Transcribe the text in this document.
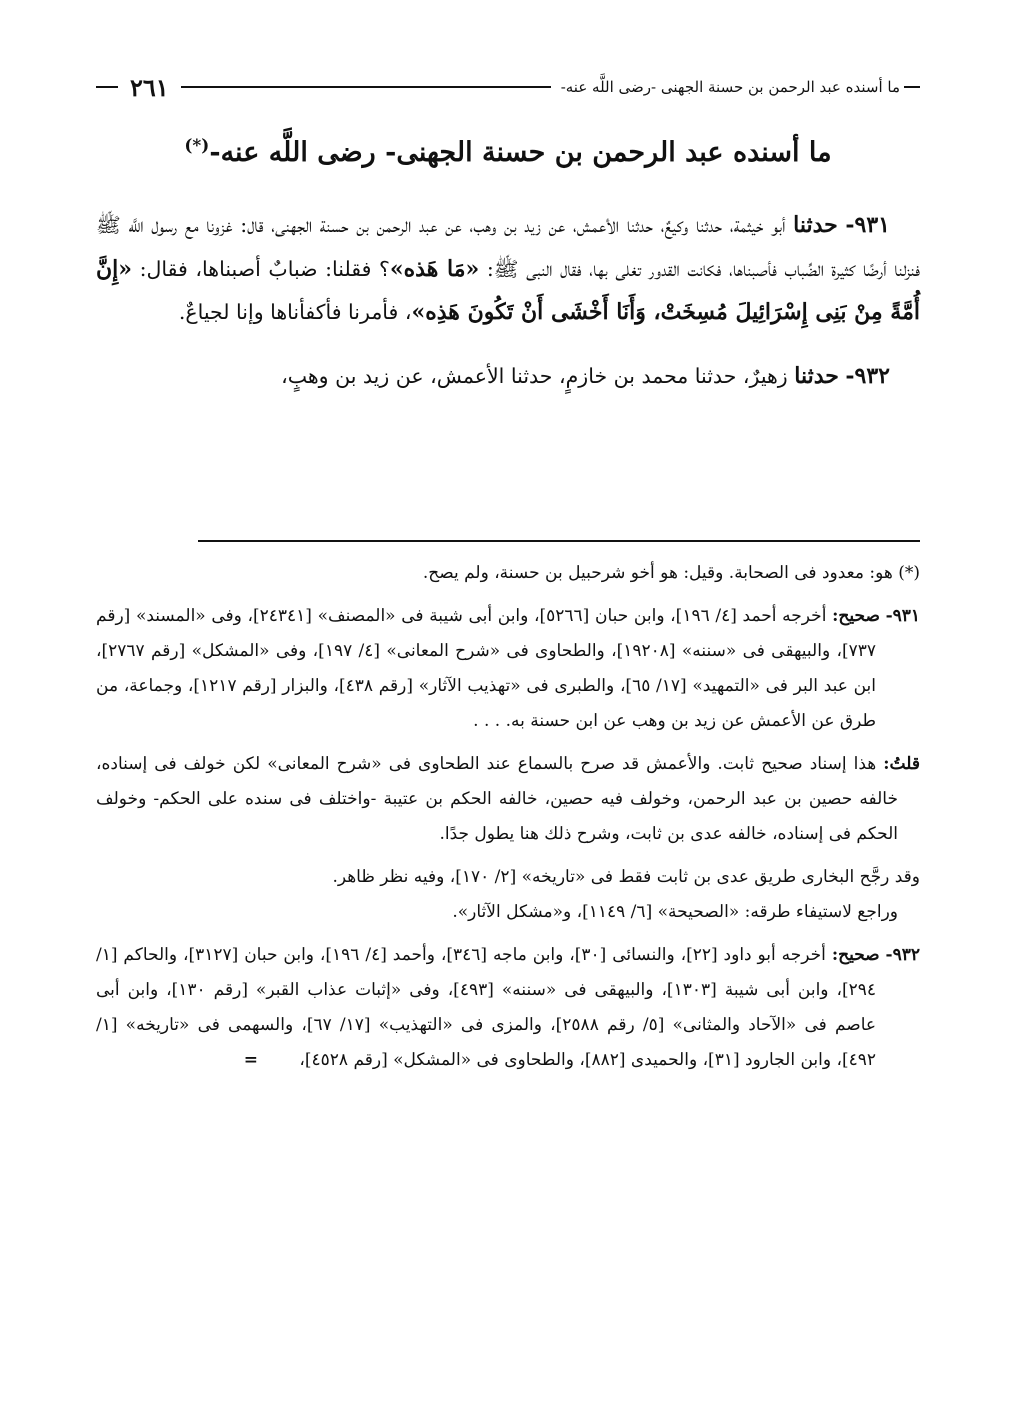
ما أسنده عبد الرحمن بن حسنة الجهنى -رضى اللَّه عنه-
٢٦١
ما أسنده عبد الرحمن بن حسنة الجهنى- رضى اللَّه عنه-(*)

٩٣١- حدثنا أبو خيثمة، حدثنا وكيعٌ، حدثنا الأعمش، عن زيد بن وهب، عن عبد الرحمن بن حسنة الجهنى، قال: غزونا مع رسول اللَّه ﷺ فنزلنا أرضًا كثيرة الضِّباب فأصبناها، فكانت القدور تغلى بها، فقال النبى ﷺ: «مَا هَذه»؟ فقلنا: ضبابٌ أصبناها، فقال: «إِنَّ أُمَّةً مِنْ بَنِى إِسْرَائِيلَ مُسِخَتْ، وَأَنَا أَخْشَى أَنْ تَكُونَ هَذِه»، فأمرنا فأكفأناها وإنا لجياعٌ.

٩٣٢- حدثنا زهيرٌ، حدثنا محمد بن خازمٍ، حدثنا الأعمش، عن زيد بن وهبٍ،

(*) هو: معدود فى الصحابة. وقيل: هو أخو شرحبيل بن حسنة، ولم يصح.

٩٣١- صحيح: أخرجه أحمد [٤/ ١٩٦]، وابن حبان [٥٢٦٦]، وابن أبى شيبة فى «المصنف» [٢٤٣٤١]، وفى «المسند» [رقم ٧٣٧]، والبيهقى فى «سننه» [١٩٢٠٨]، والطحاوى فى «شرح المعانى» [٤/ ١٩٧]، وفى «المشكل» [رقم ٢٧٦٧]، ابن عبد البر فى «التمهيد» [١٧/ ٦٥]، والطبرى فى «تهذيب الآثار» [رقم ٤٣٨]، والبزار [رقم ١٢١٧]، وجماعة، من طرق عن الأعمش عن زيد بن وهب عن ابن حسنة به. . . .

قلتُ: هذا إسناد صحيح ثابت. والأعمش قد صرح بالسماع عند الطحاوى فى «شرح المعانى» لكن خولف فى إسناده، خالفه حصين بن عبد الرحمن، وخولف فيه حصين، خالفه الحكم بن عتيبة -واختلف فى سنده على الحكم- وخولف الحكم فى إسناده، خالفه عدى بن ثابت، وشرح ذلك هنا يطول جدًا.

وقد رجَّح البخارى طريق عدى بن ثابت فقط فى «تاريخه» [٢/ ١٧٠]، وفيه نظر ظاهر.
وراجع لاستيفاء طرقه: «الصحيحة» [٦/ ١١٤٩]، و«مشكل الآثار».

٩٣٢- صحيح: أخرجه أبو داود [٢٢]، والنسائى [٣٠]، وابن ماجه [٣٤٦]، وأحمد [٤/ ١٩٦]، وابن حبان [٣١٢٧]، والحاكم [١/ ٢٩٤]، وابن أبى شيبة [١٣٠٣]، والبيهقى فى «سننه» [٤٩٣]، وفى «إثبات عذاب القبر» [رقم ١٣٠]، وابن أبى عاصم فى «الآحاد والمثانى» [٥/ رقم ٢٥٨٨]، والمزى فى «التهذيب» [١٧/ ٦٧]، والسهمى فى «تاريخه» [١/ ٤٩٢]، وابن الجارود [٣١]، والحميدى [٨٨٢]، والطحاوى فى «المشكل» [رقم ٤٥٢٨]، =
